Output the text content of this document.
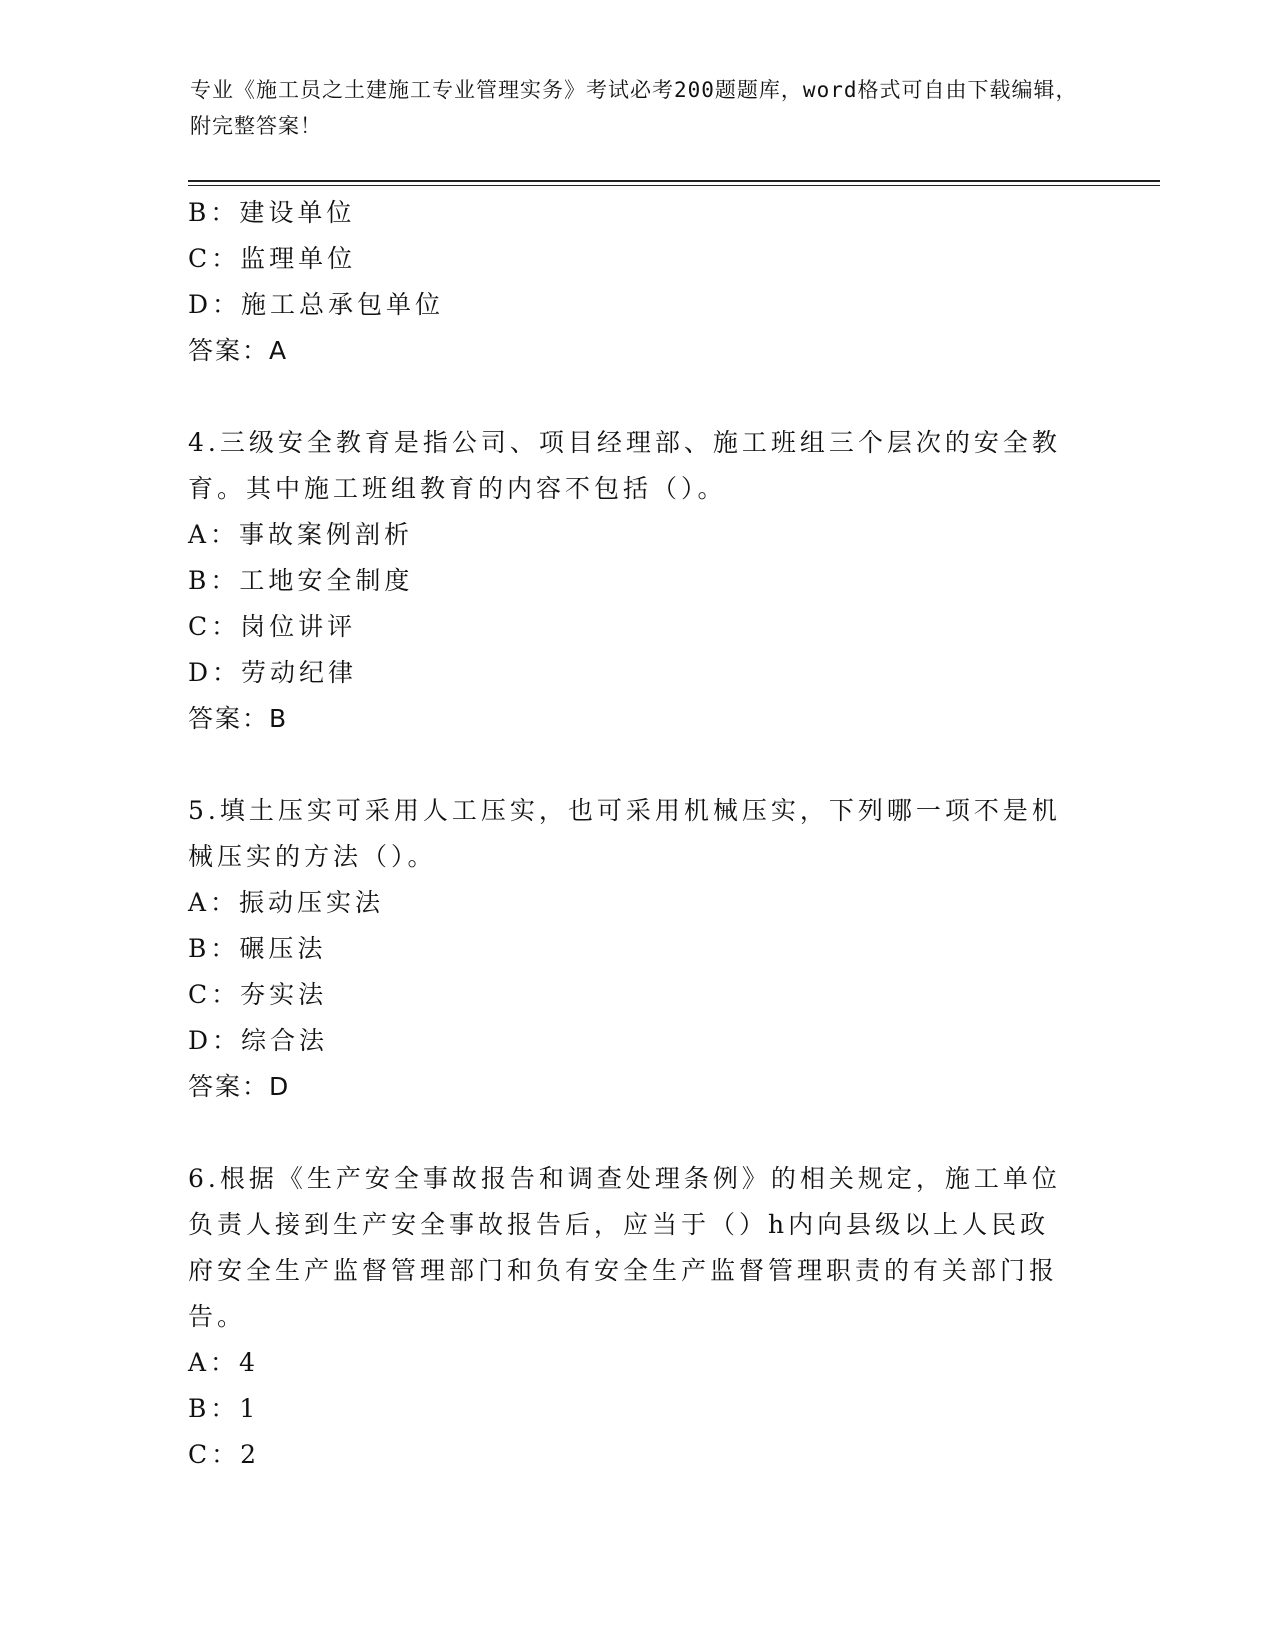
专业《施工员之土建施工专业管理实务》考试必考200题题库，word格式可自由下载编辑，附完整答案！
B：建设单位
C：监理单位
D：施工总承包单位
答案：A
4.三级安全教育是指公司、项目经理部、施工班组三个层次的安全教育。其中施工班组教育的内容不包括（）。
A：事故案例剖析
B：工地安全制度
C：岗位讲评
D：劳动纪律
答案：B
5.填土压实可采用人工压实，也可采用机械压实，下列哪一项不是机械压实的方法（）。
A：振动压实法
B：碾压法
C：夯实法
D：综合法
答案：D
6.根据《生产安全事故报告和调查处理条例》的相关规定，施工单位负责人接到生产安全事故报告后，应当于（）h内向县级以上人民政府安全生产监督管理部门和负有安全生产监督管理职责的有关部门报告。
A：4
B：1
C：2
